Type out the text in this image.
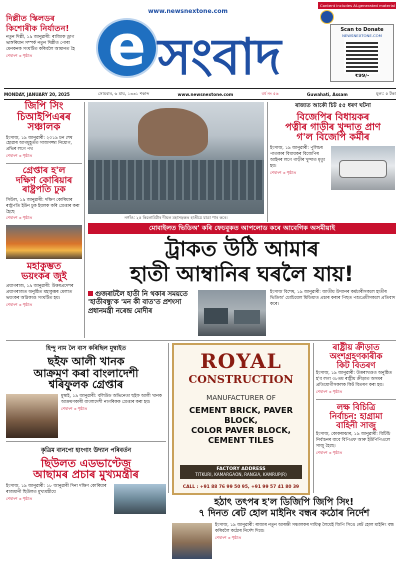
দিল্লীত স্কিলডৰ
কিশোৰীক নিৰ্যাতন!
নতুন দিল্লী, ১৯ জানুৱাৰী: ৰাজ্যিক ড্ৰাগ ভাঙ্গৰিয়ান সম্পৰ্ক নতুন দিল্লীত পোৰা মেনকনক সংঘটিত কৰিবলৈ আমানত হৈ
শেষাংশ ৩ পৃষ্ঠাত
www.newsnextone.com
e সংবাদ
Content includes AI-generated material
Scan to Donate
NEWSNEXTONE.COM
₹99/-
MONDAY, JANUARY 20, 2025	সোমবাৰ, ৬ মাঘ, ১৩৩১ শকাব্দ	www.newsnextone.com	বৰ্ষ নং ৫৬	Guwahati, Assam	মূল্য: ৫ টকা
জিপি সিং
চিআইপিএৰৰ
সঞ্চালক
ইংসাজ, ১৯ জানুৱাৰী: ২০১৯ চন শেষ হোৱাৰ আগমুহূৰ্তত সাজসজ্জা নিয়োগ, প্ৰভিৰ লগে পথ
শেষাংশ ৩ পৃষ্ঠাত
গ্ৰেপ্তাৰ হ'ল
দক্ষিণ কোৰিয়াৰ
ৰাষ্ট্ৰপতি ঢুক
সিউল, ১৯ জানুৱাৰী: দক্ষিণ কোৰিয়াৰ ৰাষ্ট্ৰপতি ইউন চুক ইয়লক কৰি গ্ৰেপ্তাৰ কৰা হৈছে
শেষাংশ ৩ পৃষ্ঠাত
মহাকুম্ভত
ভয়ংকৰ জুই
প্ৰয়াগৰাজ, ১৯ জানুৱাৰী: উত্তৰপ্ৰদেশৰ প্ৰয়াগৰাজত অনুষ্ঠিত মহাকুম্ভৰ মেলাত ভয়ংকৰ অগ্নিকাণ্ড সংঘটিত হয়।
শেষাংশ ৩ পৃষ্ঠাত
নগাঁও: ২৫ কিলোমিটাৰ দীঘল মহাসড়কত হাতীয়ে যাত্ৰা পাৰ কৰে।
ৰাজ্যত আকৌ চিট ৫৫ ধৰণ ঘটনা
বিজেপিৰ বিধায়কৰ
পত্নীৰ গাড়ীৰ খুন্দাত প্ৰাণ
গ'ল বিজেপি কৰ্মীৰ
ইংসাজ, ১৯ জানুৱাৰী: পুলিচৰ পাতকাৰ বিধায়কৰ বিজেপিৰ আইনৰ লগে গাড়ীৰ খুন্দাত মৃত্যু হয়।
শেষাংশ ৩ পৃষ্ঠাত
মোবাইলত ভিডিঅ' কৰি ফেচবুকত আপলোড কৰে আবেগিক অসমীয়াই
ট্ৰাকত উঠি আমাৰ
হাতী আম্বানিৰ ঘৰলৈ যায়!
গুজৰাটলৈ হাতী নি থকাৰ সময়তে 'হাতীবন্ধু'ক 'মন কী বাত'ত প্ৰশংসা প্ৰধানমন্ত্ৰী নৰেন্দ্ৰ মোদীৰ
ইংসাজ বিশেষ, ১৯ জানুৱাৰী: জাতীয় উদ্যানৰ কৰ্মচাৰীসকলে হাতীৰ ভিডিঅ' চোচিয়েল মিডিয়াত প্ৰচাৰ কৰাৰ পিছত পশুপ্ৰেমীসকলে প্ৰতিবাদ কৰে।
হিন্দু নাম লৈ বাস কৰিছিল মুম্বাইত
ছইফ আলী খানক
আক্ৰমণ কৰা বাংলাদেশী
শ্বৰিফুলক গ্ৰেপ্তাৰ
মুম্বাই, ১৯ জানুৱাৰী: বলিউড অভিনেতা ছইফ আলী খানক আক্ৰমণকাৰী বাংলাদেশী নাগৰিকক গ্ৰেপ্তাৰ কৰা হয়।
শেষাংশ ৩ পৃষ্ঠাত
কৃত্ৰিম বানপো হাংগাং উদ্যান পৰিবৰ্তন
ছিউলত এডভাণ্টেজ
আছামৰ প্ৰচাৰ মুখ্যমন্ত্ৰীৰ
ইংসাজ, ১৯ জানুৱাৰী: ১৮ জানুৱাৰী দিনা দক্ষিণ কোৰিয়াৰ ৰাজধানী ছিউলত মুখ্যমন্ত্ৰীয়ে
শেষাংশ ৩ পৃষ্ঠাত
ROYAL
CONSTRUCTION
MANUFACTURER OF
CEMENT BRICK, PAVER BLOCK,
COLOR PAVER BLOCK,
CEMENT TILES
FACTORY ADDRESS
TITKURI, KAMARGAON, RANGIA, KAMRUP(R)
CALL : +91 88 76 99 50 95, +91 99 57 41 80 39
ৰাষ্ট্ৰীয় ক্ৰীড়াত
অংশগ্ৰহণকাৰীক
কিট বিতৰণ
ইংসাজ, ১৯ জানুৱাৰী: উত্তৰাখণ্ডত অনুষ্ঠিত হ'ব লগা ৩৮তম ৰাষ্ট্ৰীয় ক্ৰীড়াত অসমৰ প্ৰতিযোগীসকলক কিট বিতৰণ কৰা হয়।
শেষাংশ ৩ পৃষ্ঠাত
লক্ষ বিচিত্ৰি
নিৰ্বাচন: হাগ্ৰামা
বাহিনী সাজু
ইংসাজ, কোকৰাঝাৰ, ১৯ জানুৱাৰী: বিটিচি নিৰ্বাচনৰ বাবে বিপিএফ আৰু ইউপিপিএলে সাজু হৈছে।
শেষাংশ ৩ পৃষ্ঠাত
হঠাৎ তৎপৰ হ'ল ডিজিপি জিপি সিং!
৭ দিনত ৰেট হোল মাইনিং বন্ধৰ কঠোৰ নিৰ্দেশ
ইংসাজ, ১৯ জানুৱাৰী: ৰাজ্যৰ নতুন আৰক্ষী সঞ্চালকৰ দায়িত্ব লৈয়েই জিপি সিঙে ৰেট হোল মাইনিং বন্ধ কৰিবলৈ কঠোৰ নিৰ্দেশ দিয়ে।
শেষাংশ ৩ পৃষ্ঠাত
